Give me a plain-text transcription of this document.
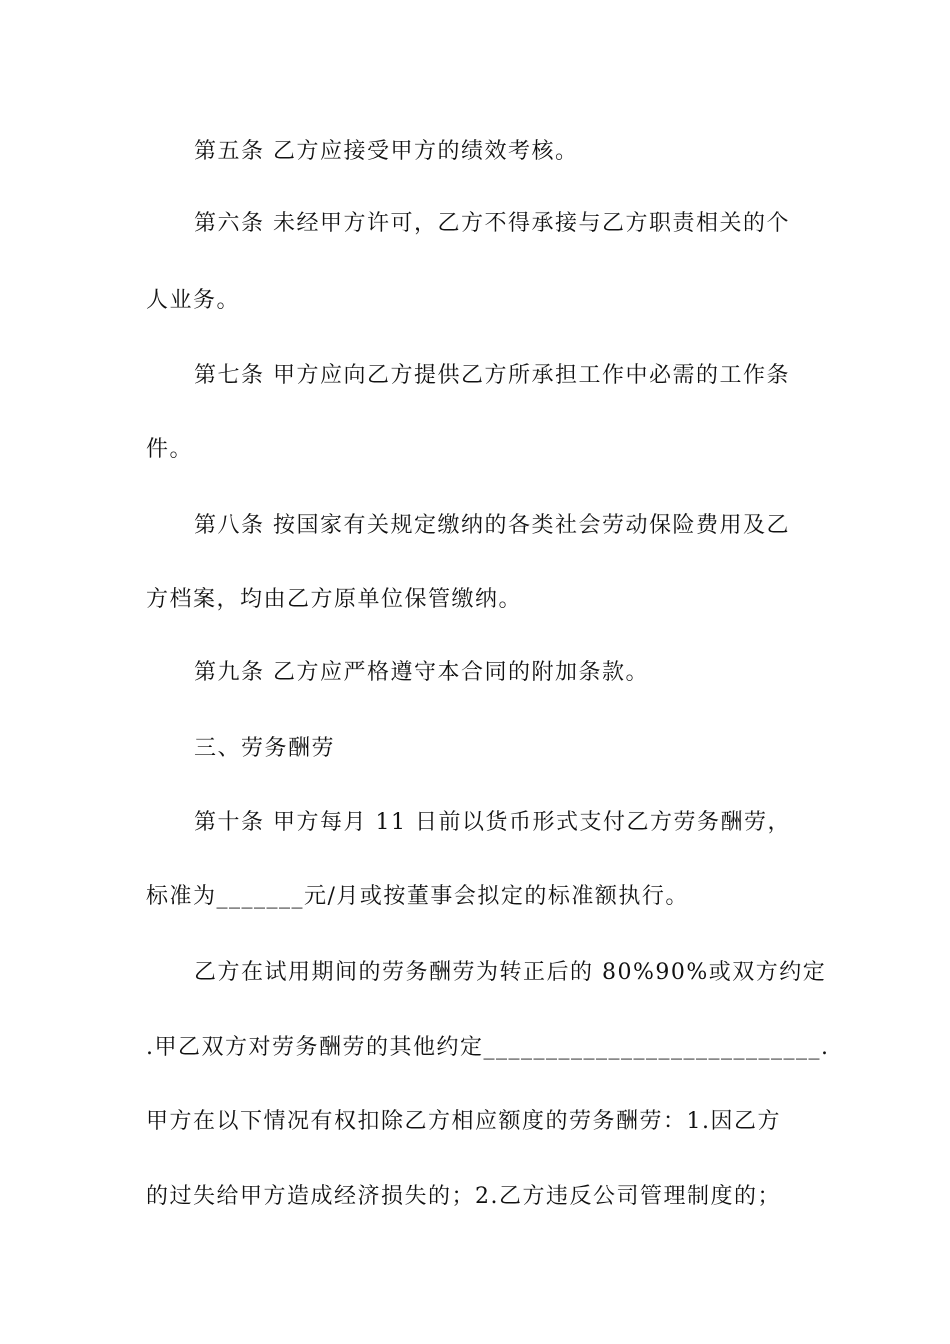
第五条 乙方应接受甲方的绩效考核。
第六条 未经甲方许可，乙方不得承接与乙方职责相关的个
人业务。
第七条 甲方应向乙方提供乙方所承担工作中必需的工作条
件。
第八条 按国家有关规定缴纳的各类社会劳动保险费用及乙
方档案，均由乙方原单位保管缴纳。
第九条 乙方应严格遵守本合同的附加条款。
三、劳务酬劳
第十条 甲方每月 11 日前以货币形式支付乙方劳务酬劳，
标准为_______元/月或按董事会拟定的标准额执行。
乙方在试用期间的劳务酬劳为转正后的 80%90%或双方约定
.甲乙双方对劳务酬劳的其他约定___________________________.
甲方在以下情况有权扣除乙方相应额度的劳务酬劳：1.因乙方
的过失给甲方造成经济损失的；2.乙方违反公司管理制度的；
